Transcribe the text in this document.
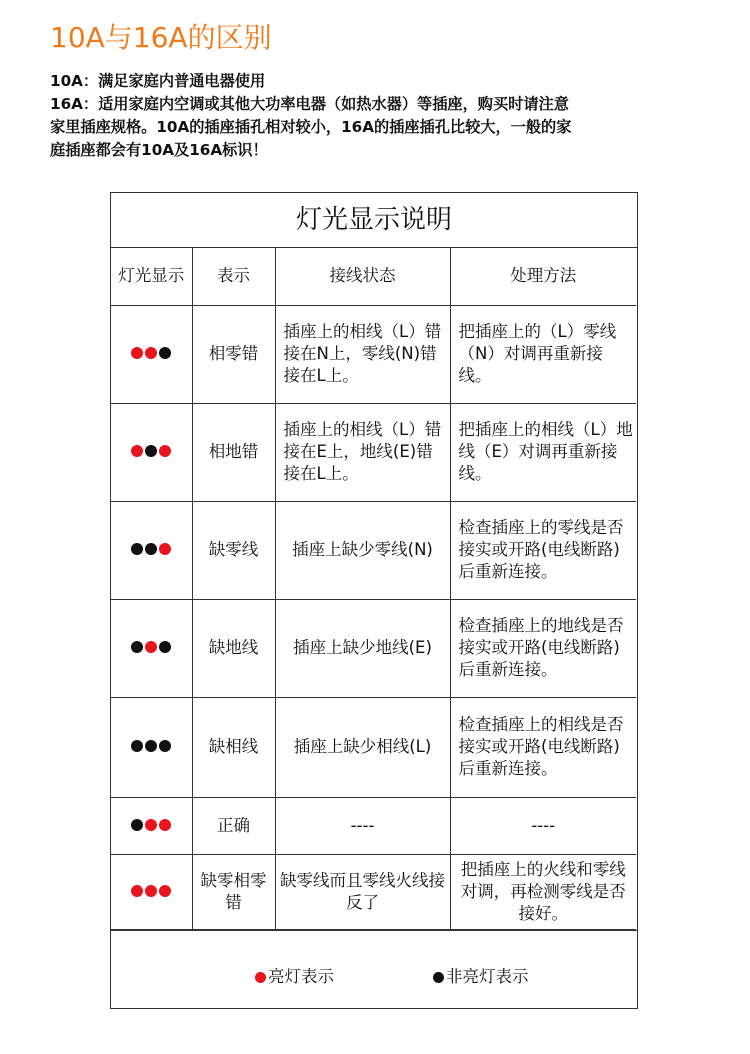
10A与16A的区别

10A：满足家庭内普通电器使用

16A：适用家庭内空调或其他大功率电器（如热水器）等插座，购买时请注意

家里插座规格。10A的插座插孔相对较小，16A的插座插孔比较大，一般的家

庭插座都会有10A及16A标识！

灯光显示说明
灯光显示	表示	接线状态	处理方法

	相零错	插座上的相线（L）错接在N上，零线(N)错接在L上。	把插座上的（L）零线（N）对调再重新接线。

	相地错	插座上的相线（L）错接在E上，地线(E)错接在L上。	把插座上的相线（L）地线（E）对调再重新接线。

	缺零线	插座上缺少零线(N)	检查插座上的零线是否接实或开路(电线断路)后重新连接。

	缺地线	插座上缺少地线(E)	检查插座上的地线是否接实或开路(电线断路)后重新连接。

	缺相线	插座上缺少相线(L)	检查插座上的相线是否接实或开路(电线断路)后重新连接。

	正确	----	----

	缺零相零错	缺零线而且零线火线接反了	把插座上的火线和零线对调，再检测零线是否接好。
亮灯表示	非亮灯表示
